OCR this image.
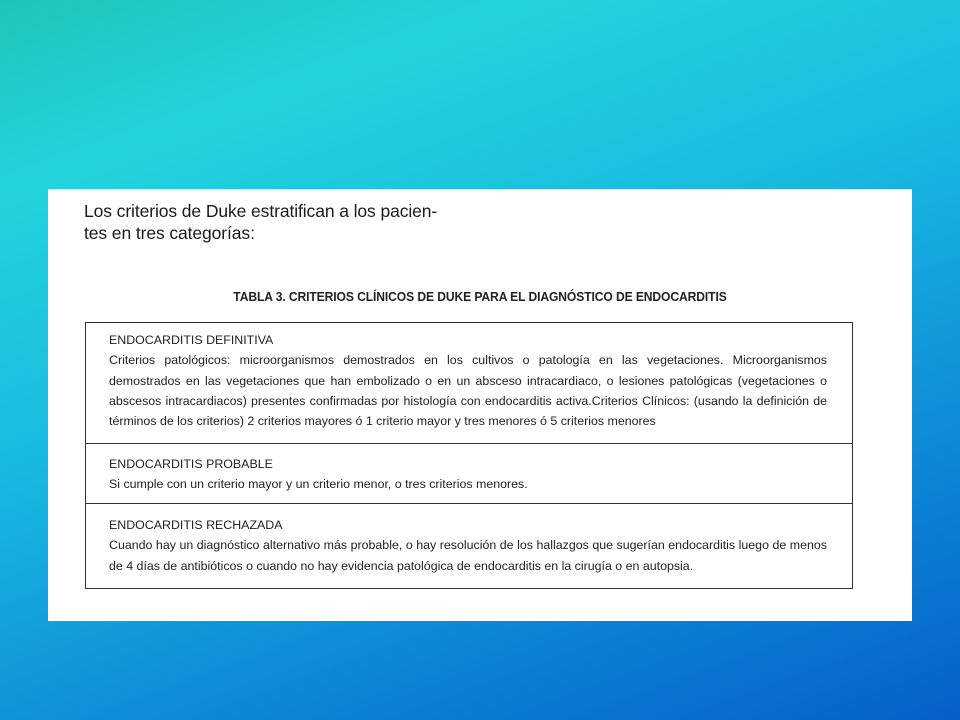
Los criterios de Duke estratifican a los pacien-
tes en tres categorías:
TABLA 3. CRITERIOS CLÍNICOS DE DUKE PARA EL DIAGNÓSTICO DE ENDOCARDITIS
ENDOCARDITIS DEFINITIVA
Criterios patológicos: microorganismos demostrados en los cultivos o patología en las vegetaciones. Microorganismos demostrados en las vegetaciones que han embolizado o en un absceso intracardiaco, o lesiones patológicas (vegetaciones o abscesos intracardiacos) presentes confirmadas por histología con endocarditis activa.Criterios Clínicos: (usando la definición de términos de los criterios) 2 criterios mayores ó 1 criterio mayor y tres menores ó 5 criterios menores
ENDOCARDITIS PROBABLE
Si cumple con un criterio mayor y un criterio menor, o tres criterios menores.
ENDOCARDITIS RECHAZADA
Cuando hay un diagnóstico alternativo más probable, o hay resolución de los hallazgos que sugerían endocarditis luego de menos de 4 días de antibióticos o cuando no hay evidencia patológica de endocarditis en la cirugía o en autopsia.
